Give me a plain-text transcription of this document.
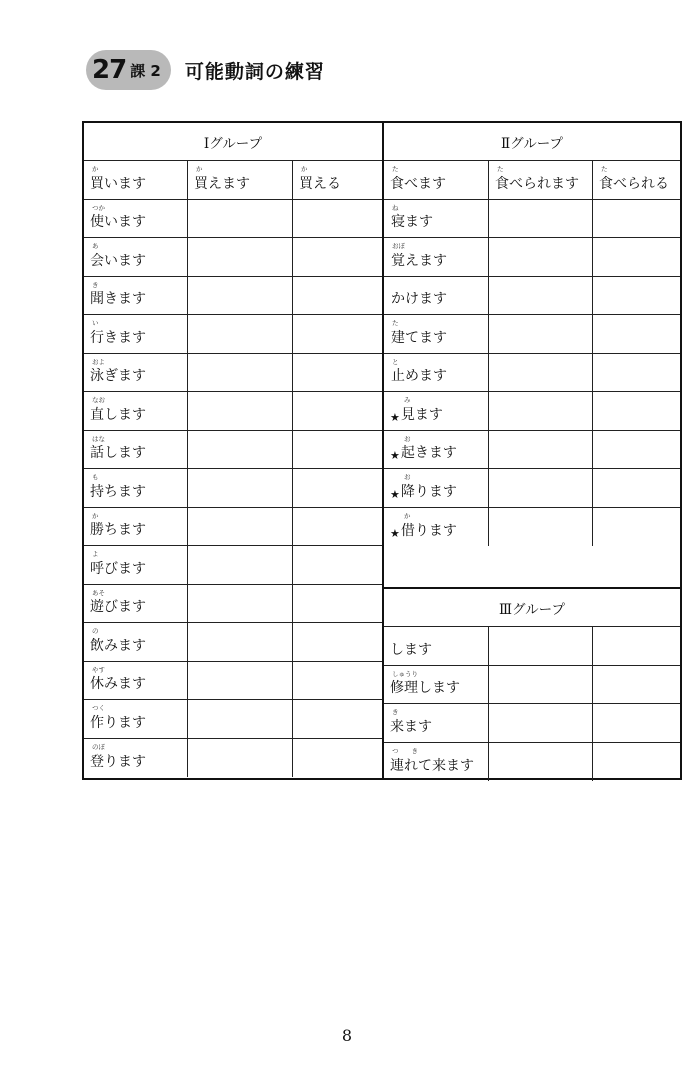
27 課 2 可能動詞の練習
Ⅰグループ
か
買います
か
買えます
か
買える
つか
使います
あ
会います
き
聞きます
い
行きます
およ
泳ぎます
なお
直します
はな
話します
も
持ちます
か
勝ちます
よ
呼びます
あそ
遊びます
の
飲みます
やす
休みます
つく
作ります
のぼ
登ります
Ⅱグループ
た
食べます
た
食べられます
た
食べられる
ね
寝ます
おぼ
覚えます
かけます
た
建てます
と
止めます
み
★ 見ます
お
★ 起きます
お
★ 降ります
か
★ 借ります
Ⅲグループ
します
しゅうり
修理します
き
来ます
つ　　き
連れて来ます
8
